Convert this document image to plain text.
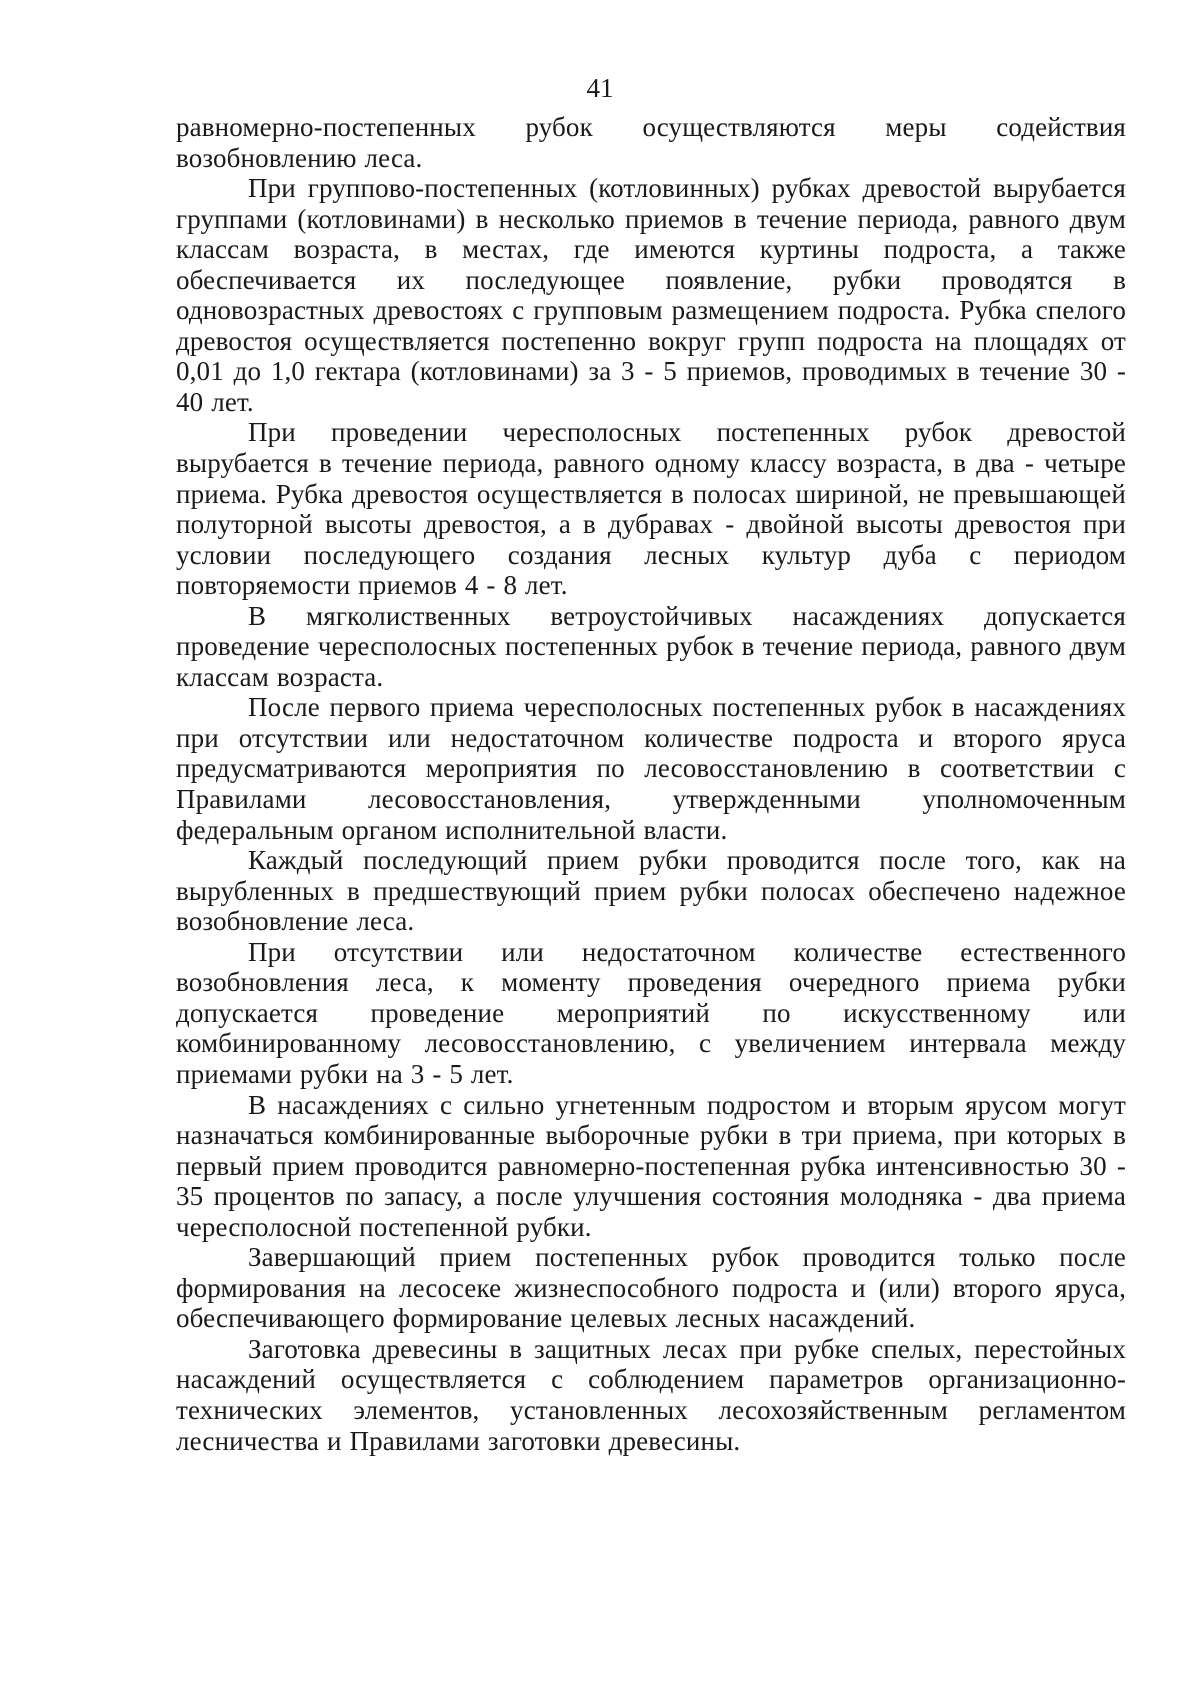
41

равномерно-постепенных рубок осуществляются меры содействия возобновлению леса.

При группово-постепенных (котловинных) рубках древостой вырубается группами (котловинами) в несколько приемов в течение периода, равного двум классам возраста, в местах, где имеются куртины подроста, а также обеспечивается их последующее появление, рубки проводятся в одновозрастных древостоях с групповым размещением подроста. Рубка спелого древостоя осуществляется постепенно вокруг групп подроста на площадях от 0,01 до 1,0 гектара (котловинами) за 3 - 5 приемов, проводимых в течение 30 - 40 лет.

При проведении чересполосных постепенных рубок древостой вырубается в течение периода, равного одному классу возраста, в два - четыре приема. Рубка древостоя осуществляется в полосах шириной, не превышающей полуторной высоты древостоя, а в дубравах - двойной высоты древостоя при условии последующего создания лесных культур дуба с периодом повторяемости приемов 4 - 8 лет.

В мягколиственных ветроустойчивых насаждениях допускается проведение чересполосных постепенных рубок в течение периода, равного двум классам возраста.

После первого приема чересполосных постепенных рубок в насаждениях при отсутствии или недостаточном количестве подроста и второго яруса предусматриваются мероприятия по лесовосстановлению в соответствии с Правилами лесовосстановления, утвержденными уполномоченным федеральным органом исполнительной власти.

Каждый последующий прием рубки проводится после того, как на вырубленных в предшествующий прием рубки полосах обеспечено надежное возобновление леса.

При отсутствии или недостаточном количестве естественного возобновления леса, к моменту проведения очередного приема рубки допускается проведение мероприятий по искусственному или комбинированному лесовосстановлению, с увеличением интервала между приемами рубки на 3 - 5 лет.

В насаждениях с сильно угнетенным подростом и вторым ярусом могут назначаться комбинированные выборочные рубки в три приема, при которых в первый прием проводится равномерно-постепенная рубка интенсивностью 30 - 35 процентов по запасу, а после улучшения состояния молодняка - два приема чересполосной постепенной рубки.

Завершающий прием постепенных рубок проводится только после формирования на лесосеке жизнеспособного подроста и (или) второго яруса, обеспечивающего формирование целевых лесных насаждений.

Заготовка древесины в защитных лесах при рубке спелых, перестойных насаждений осуществляется с соблюдением параметров организационно-технических элементов, установленных лесохозяйственным регламентом лесничества и Правилами заготовки древесины.
